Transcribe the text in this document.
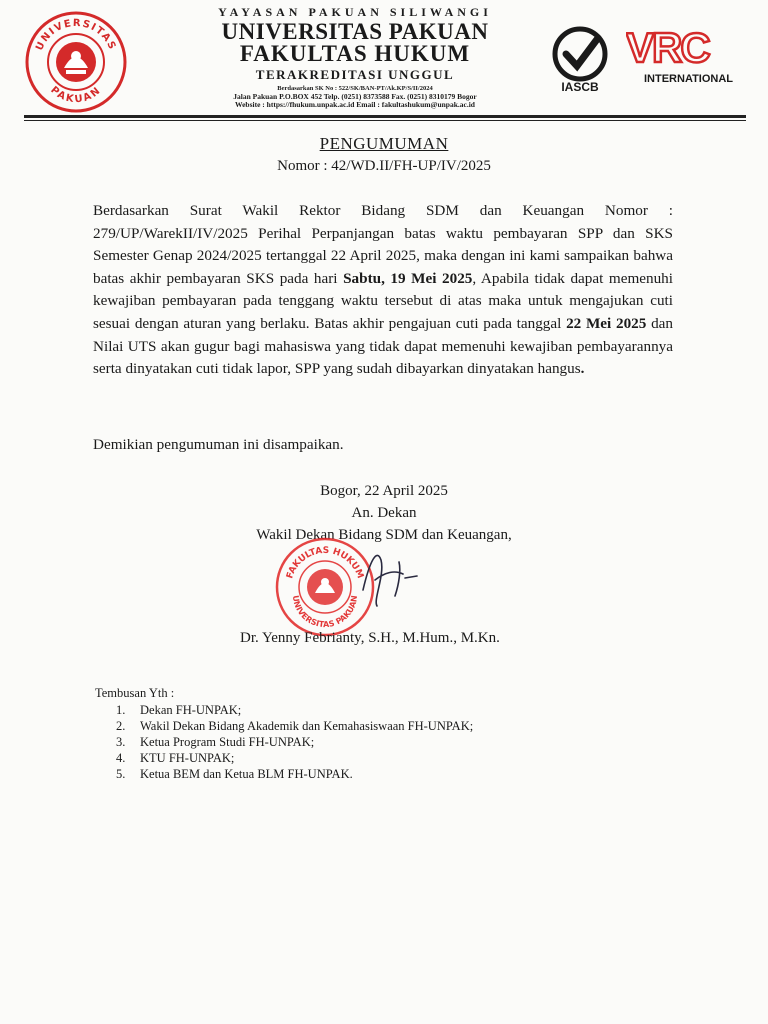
UNIVERSITAS
PAKUAN
YAYASAN PAKUAN SILIWANGI
UNIVERSITAS PAKUAN
FAKULTAS HUKUM
TERAKREDITASI UNGGUL
Berdasarkan SK No : 522/SK/BAN-PT/Ak.KP/S/II/2024
Jalan Pakuan P.O.BOX 452 Telp. (0251) 8373588 Fax. (0251) 8310179 Bogor
Website : https://fhukum.unpak.ac.id Email : fakultashukum@unpak.ac.id
IASCB
VRC
INTERNATIONAL
PENGUMUMAN
Nomor : 42/WD.II/FH-UP/IV/2025
Berdasarkan Surat Wakil Rektor Bidang SDM dan Keuangan Nomor : 279/UP/WarekII/IV/2025 Perihal Perpanjangan batas waktu pembayaran SPP dan SKS Semester Genap 2024/2025 tertanggal 22 April 2025, maka dengan ini kami sampaikan bahwa batas akhir pembayaran SKS pada hari Sabtu, 19 Mei 2025, Apabila tidak dapat memenuhi kewajiban pembayaran pada tenggang waktu tersebut di atas maka untuk mengajukan cuti sesuai dengan aturan yang berlaku. Batas akhir pengajuan cuti pada tanggal 22 Mei 2025 dan Nilai UTS akan gugur bagi mahasiswa yang tidak dapat memenuhi kewajiban pembayarannya serta dinyatakan cuti tidak lapor, SPP yang sudah dibayarkan dinyatakan hangus.
Demikian pengumuman ini disampaikan.
Bogor, 22 April 2025
An. Dekan
Wakil Dekan Bidang SDM dan Keuangan,
FAKULTAS HUKUM
UNIVERSITAS PAKUAN
Dr. Yenny Febrianty, S.H., M.Hum., M.Kn.
Tembusan Yth :
1.	Dekan FH-UNPAK;
2.	Wakil Dekan Bidang Akademik dan Kemahasiswaan FH-UNPAK;
3.	Ketua Program Studi FH-UNPAK;
4.	KTU FH-UNPAK;
5.	Ketua BEM dan Ketua BLM FH-UNPAK.
